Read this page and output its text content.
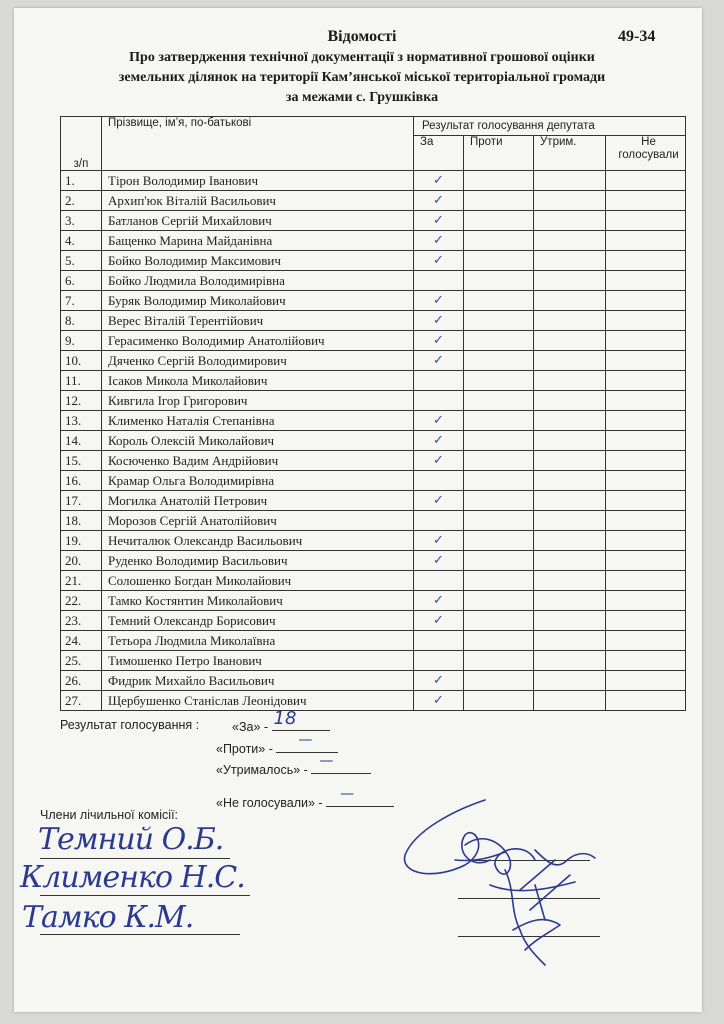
Відомості	49-34
Про затвердження технічної документації з нормативної грошової оцінки
земельних ділянок на території Кам’янської міської територіальної громади
за межами с. Грушківка
з/п	Прізвище, ім’я, по-батькові	Результат голосування депутата			
		За	Проти	Утрим.	Не
голосували

1.	Тірон Володимир Іванович	✓			
2.	Архип'юк Віталій Васильович	✓			
3.	Батланов Сергій Михайлович	✓			
4.	Бащенко Марина Майданівна	✓			
5.	Бойко Володимир Максимович	✓			
6.	Бойко Людмила Володимирівна				
7.	Буряк Володимир Миколайович	✓			
8.	Верес Віталій Терентійович	✓			
9.	Герасименко Володимир Анатолійович	✓			
10.	Дяченко Сергій Володимирович	✓			
11.	Ісаков Микола Миколайович				
12.	Кивгила Ігор Григорович				
13.	Клименко Наталія Степанівна	✓			
14.	Король Олексій Миколайович	✓			
15.	Косюченко Вадим Андрійович	✓			
16.	Крамар Ольга Володимирівна				
17.	Могилка Анатолій Петрович	✓			
18.	Морозов Сергій Анатолійович				
19.	Нечиталюк Олександр Васильович	✓			
20.	Руденко Володимир Васильович	✓			
21.	Солошенко Богдан Миколайович				
22.	Тамко Костянтин Миколайович	✓			
23.	Темний Олександр Борисович	✓			
24.	Тетьора Людмила Миколаївна				
25.	Тимошенко Петро Іванович				
26.	Фидрик Михайло Васильович	✓			
27.	Щербушенко Станіслав Леонідович	✓			
Результат голосування :	«За» - 18
«Проти» -
—
«Утрималось» -
—
«Не голосували» -
—
Члени лічильної комісії:
Темний О.Б.
Клименко Н.С.
Тамко К.М.
